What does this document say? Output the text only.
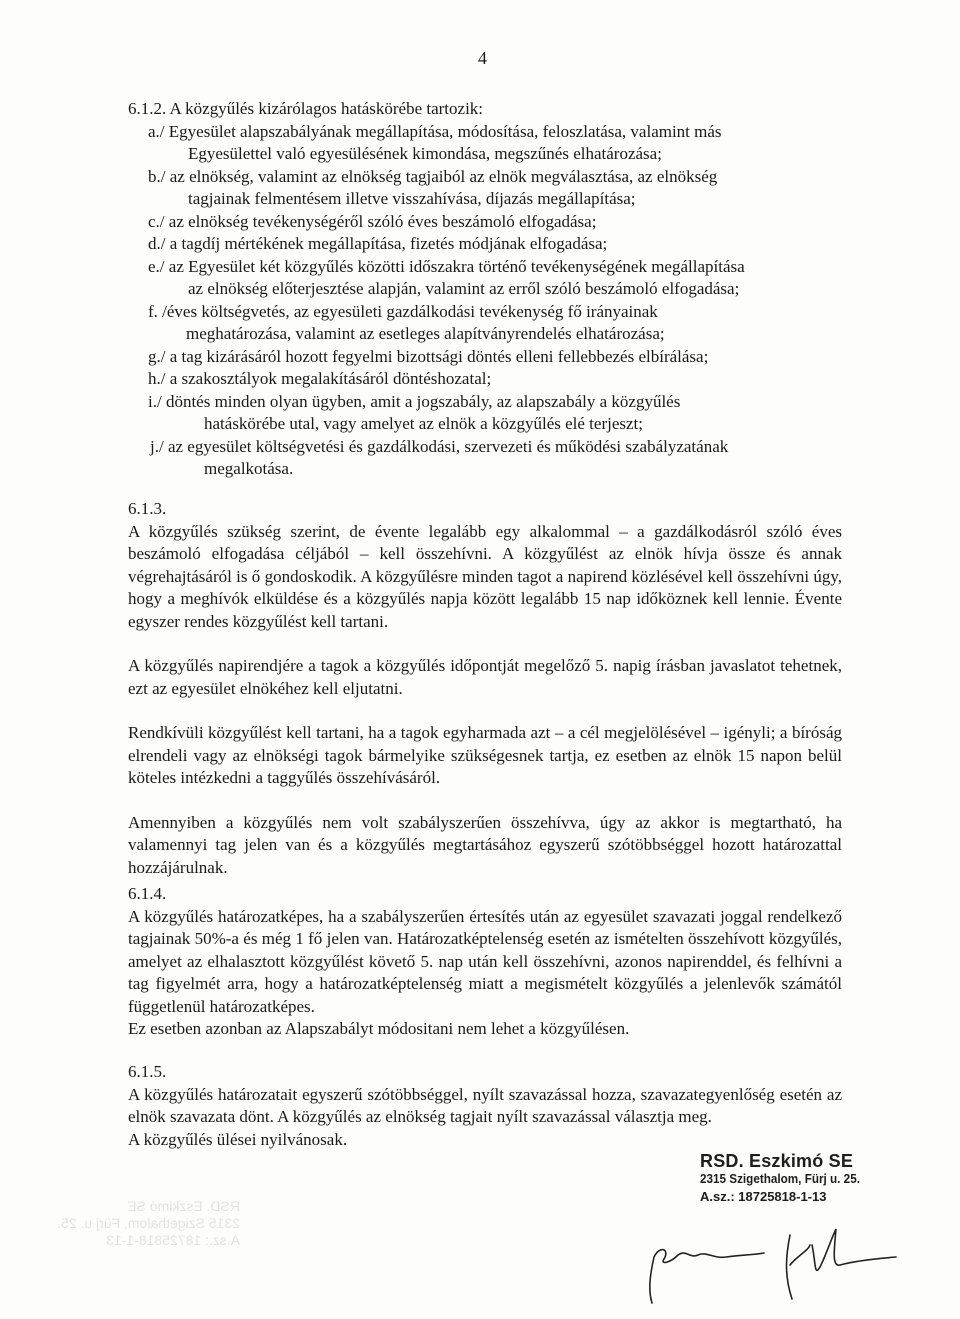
4

6.1.2. A közgyűlés kizárólagos hatáskörébe tartozik:

a./ Egyesület alapszabályának megállapítása, módosítása, feloszlatása, valamint más

Egyesülettel való egyesülésének kimondása, megszűnés elhatározása;

b./ az elnökség, valamint az elnökség tagjaiból az elnök megválasztása, az elnökség

tagjainak felmentésem illetve visszahívása, díjazás megállapítása;

c./ az elnökség tevékenységéről szóló éves beszámoló elfogadása;

d./ a tagdíj mértékének megállapítása, fizetés módjának elfogadása;

e./ az Egyesület két közgyűlés közötti időszakra történő tevékenységének megállapítása

az elnökség előterjesztése alapján, valamint az erről szóló beszámoló elfogadása;

f. /éves költségvetés, az egyesületi gazdálkodási tevékenység fő irányainak

meghatározása, valamint az esetleges alapítványrendelés elhatározása;

g./ a tag kizárásáról hozott fegyelmi bizottsági döntés elleni fellebbezés elbírálása;

h./ a szakosztályok megalakításáról döntéshozatal;

i./ döntés minden olyan ügyben, amit a jogszabály, az alapszabály a közgyűlés

hatáskörébe utal, vagy amelyet az elnök a közgyűlés elé terjeszt;

j./ az egyesület költségvetési és gazdálkodási, szervezeti és működési szabályzatának

megalkotása.

6.1.3.

A közgyűlés szükség szerint, de évente legalább egy alkalommal – a gazdálkodásról szóló éves beszámoló elfogadása céljából – kell összehívni. A közgyűlést az elnök hívja össze és annak végrehajtásáról is ő gondoskodik. A közgyűlésre minden tagot a napirend közlésével kell összehívni úgy, hogy a meghívók elküldése és a közgyűlés napja között legalább 15 nap időköznek kell lennie. Évente egyszer rendes közgyűlést kell tartani.

A közgyűlés napirendjére a tagok a közgyűlés időpontját megelőző 5. napig írásban javaslatot tehetnek, ezt az egyesület elnökéhez kell eljutatni.

Rendkívüli közgyűlést kell tartani, ha a tagok egyharmada azt – a cél megjelölésével – igényli; a bíróság elrendeli vagy az elnökségi tagok bármelyike szükségesnek tartja, ez esetben az elnök 15 napon belül köteles intézkedni a taggyűlés összehívásáról.

Amennyiben a közgyűlés nem volt szabályszerűen összehívva, úgy az akkor is megtartható, ha valamennyi tag jelen van és a közgyűlés megtartásához egyszerű szótöbbséggel hozott határozattal hozzájárulnak.

6.1.4.

A közgyűlés határozatképes, ha a szabályszerűen értesítés után az egyesület szavazati joggal rendelkező tagjainak 50%-a és még 1 fő jelen van. Határozatképtelenség esetén az ismételten összehívott közgyűlés, amelyet az elhalasztott közgyűlést követő 5. nap után kell összehívni, azonos napirenddel, és felhívni a tag figyelmét arra, hogy a határozatképtelenség miatt a megismételt közgyűlés a jelenlevők számától függetlenül határozatképes.

Ez esetben azonban az Alapszabályt módositani nem lehet a közgyűlésen.

6.1.5.

A közgyűlés határozatait egyszerű szótöbbséggel, nyílt szavazással hozza, szavazategyenlőség esetén az elnök szavazata dönt. A közgyűlés az elnökség tagjait nyílt szavazással választja meg.

A közgyűlés ülései nyilvánosak.

RSD. Eszkimó SE
2315 Szigethalom, Fürj u. 25.
A.sz.: 18725818-1-13
RSD. Eszkimó SE
2315 Szigethalom, Fürj u. 25.
A.sz.: 18725818-1-13
